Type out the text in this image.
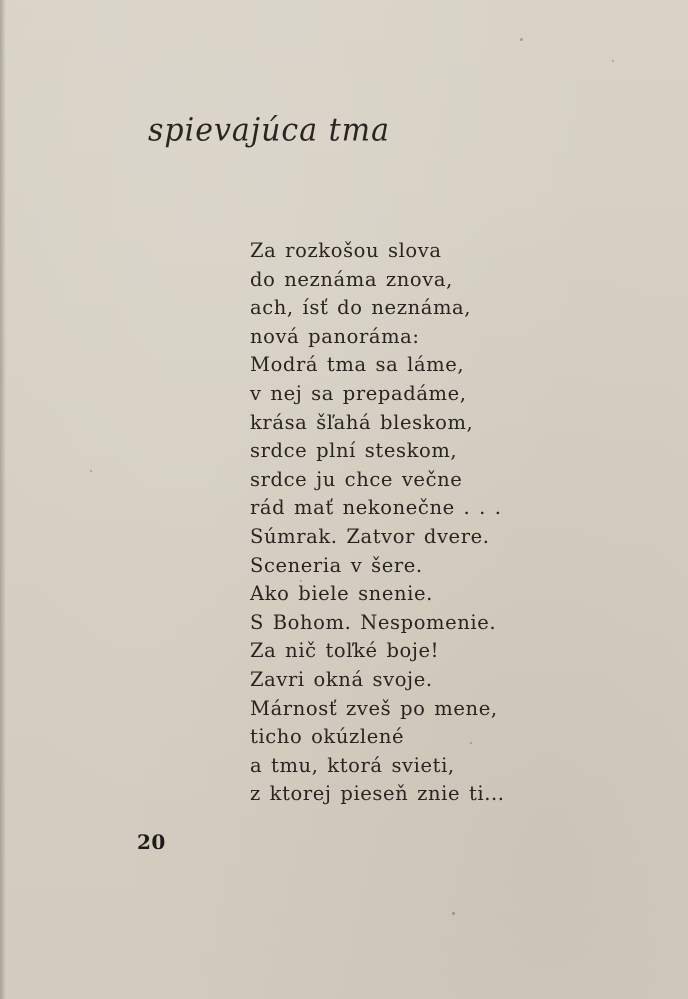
spievajúca tma
Za rozkošou slova
do neznáma znova,
ach, ísť do neznáma,
nová panoráma:
Modrá tma sa láme,
v nej sa prepadáme,
krása šľahá bleskom,
srdce plní steskom,
srdce ju chce večne
rád mať nekonečne . . .
Súmrak. Zatvor dvere.
Sceneria v šere.
Ako biele snenie.
S Bohom. Nespomenie.
Za nič toľké boje!
Zavri okná svoje.
Márnosť zveš po mene,
ticho okúzlené
a tmu, ktorá svieti,
z ktorej pieseň znie ti...
20
